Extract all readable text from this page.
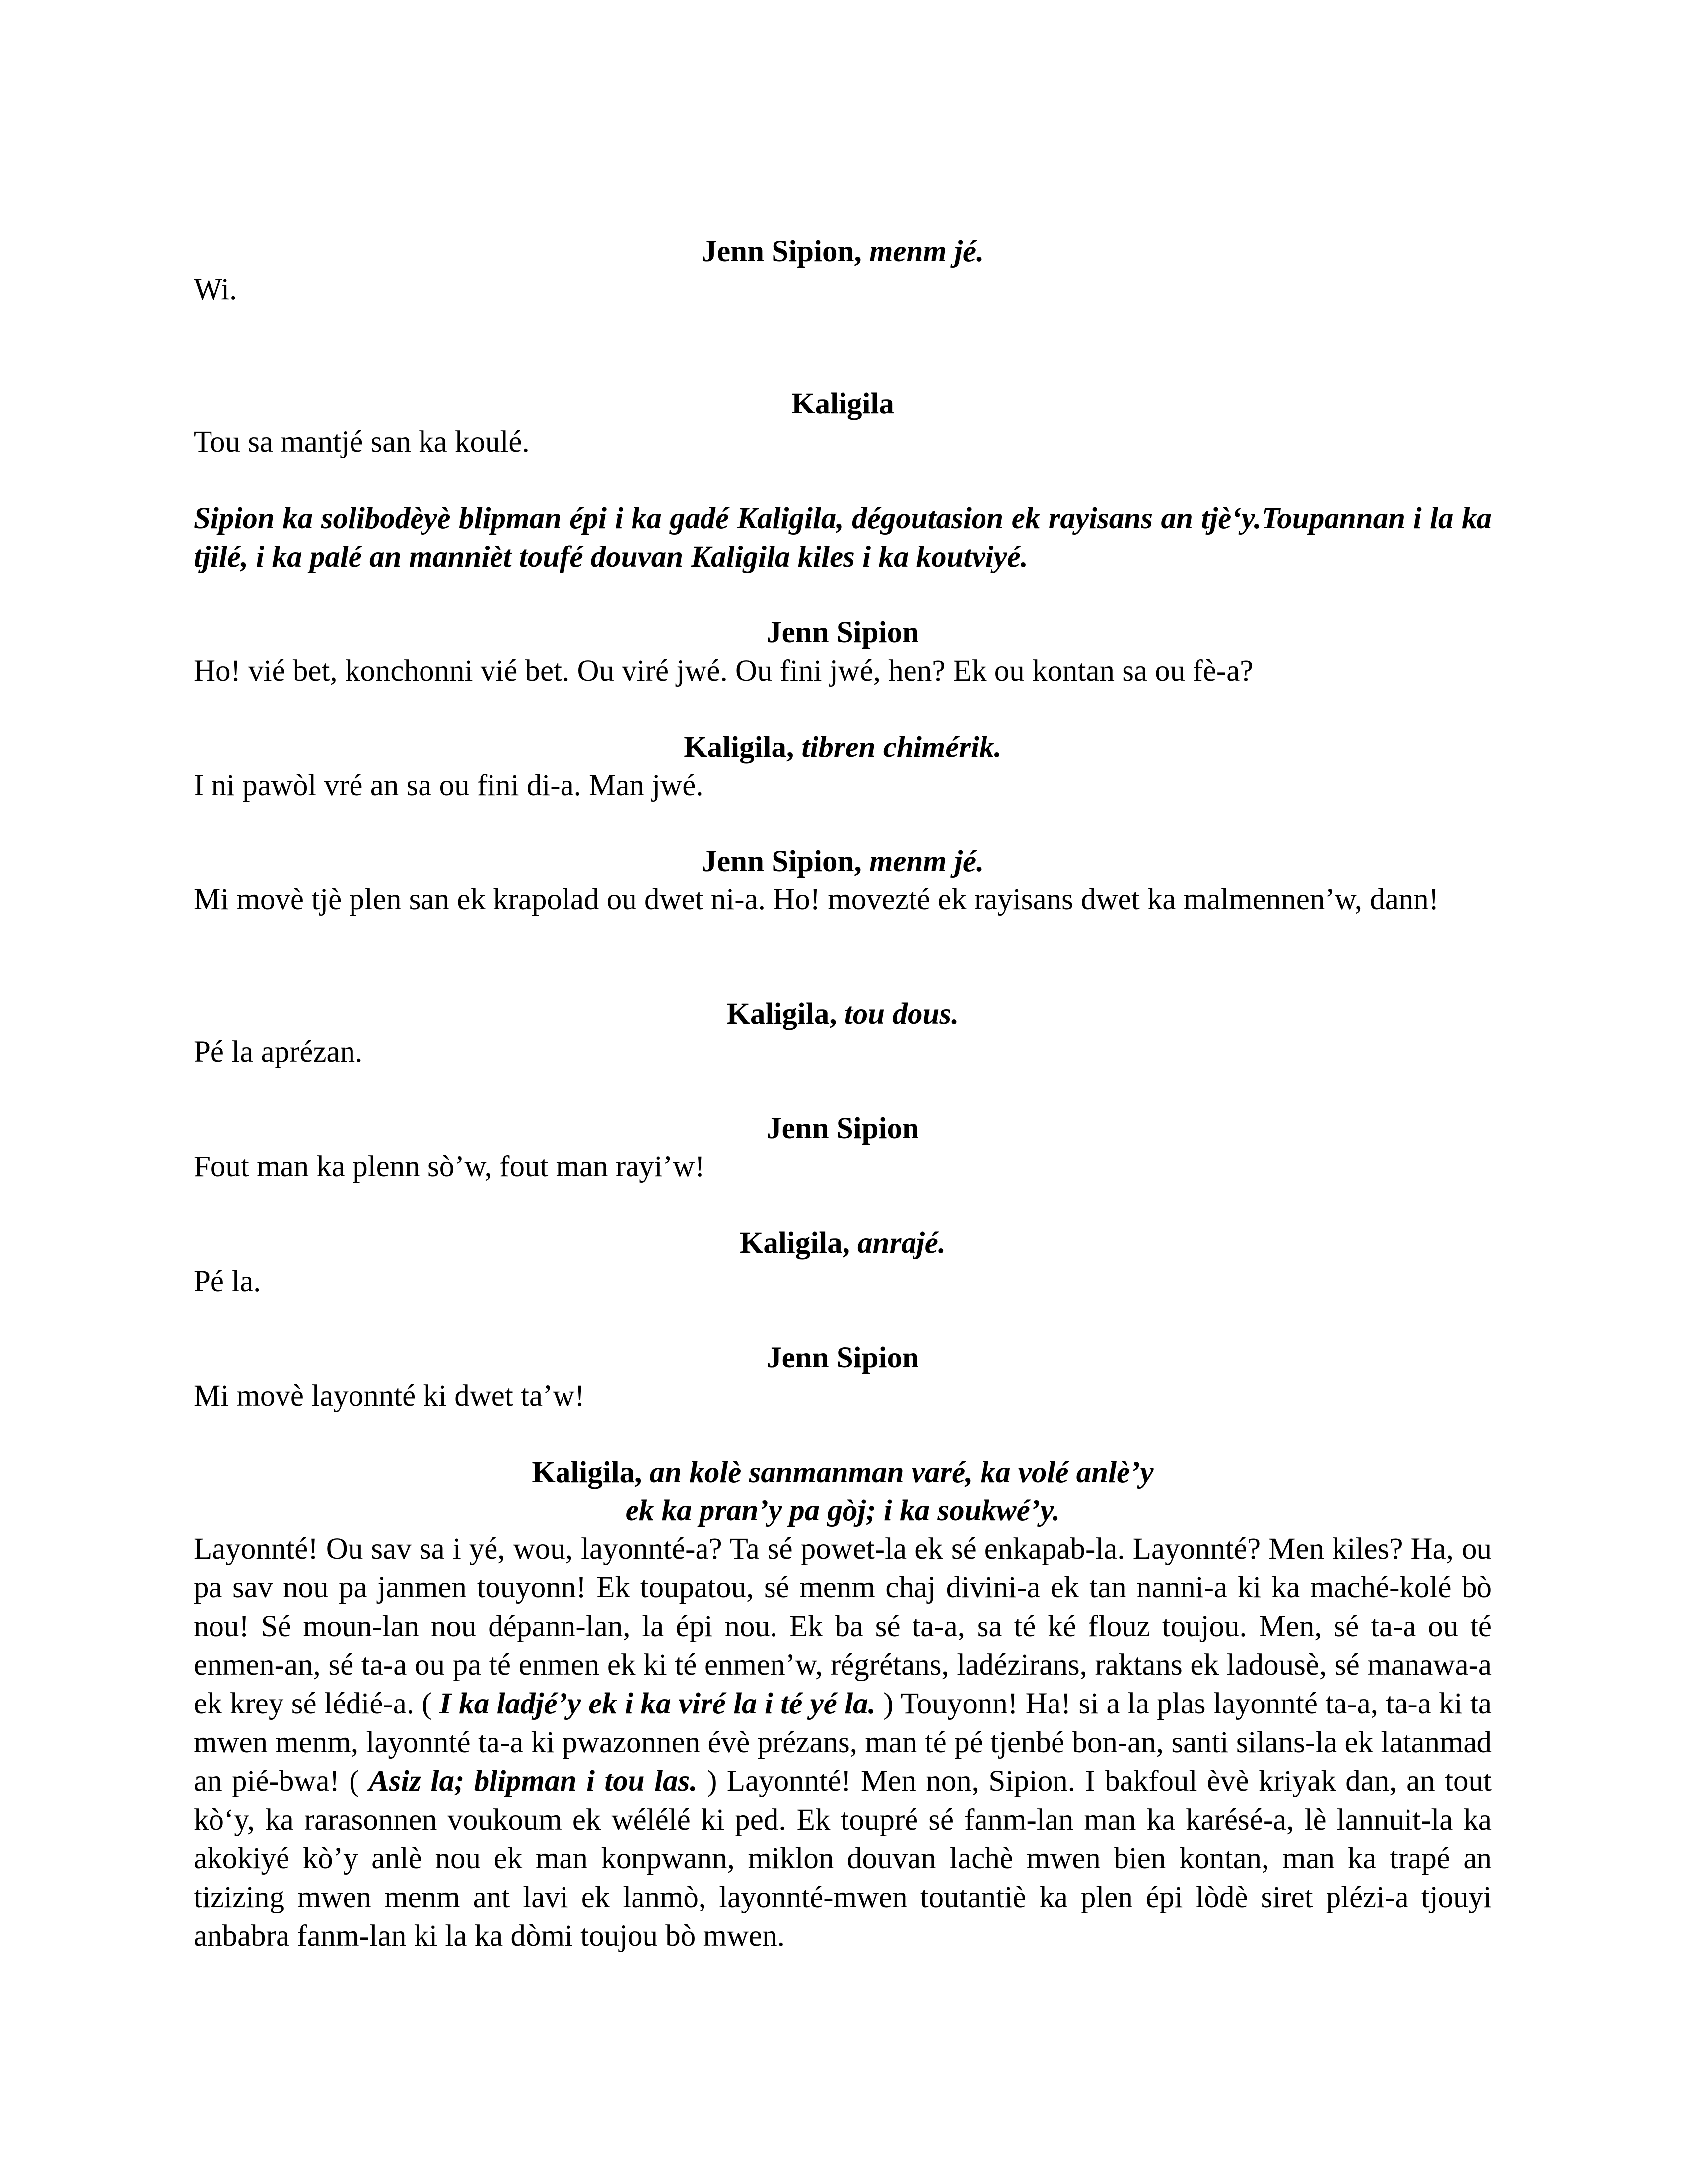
Jenn Sipion, menm jé.
Wi.
Kaligila
Tou sa mantjé san ka koulé.
Sipion ka solibodèyè blipman épi i ka gadé Kaligila, dégoutasion ek rayisans an tjè‘y.Toupannan i la ka tjilé, i ka palé an mannièt toufé douvan Kaligila kiles i ka koutviyé.
Jenn Sipion
Ho! vié bet, konchonni vié bet. Ou viré jwé. Ou fini jwé, hen? Ek ou kontan sa ou fè-a?
Kaligila, tibren chimérik.
I ni pawòl vré an sa ou fini di-a. Man jwé.
Jenn Sipion, menm jé.
Mi movè tjè plen san ek krapolad ou dwet ni-a. Ho! movezté ek rayisans dwet ka malmennen’w, dann!
Kaligila, tou dous.
Pé la aprézan.
Jenn Sipion
Fout man ka plenn sò’w, fout man rayi’w!
Kaligila, anrajé.
Pé la.
Jenn Sipion
Mi movè layonnté ki dwet ta’w!
Kaligila, an kolè sanmanman varé, ka volé anlè’y
ek ka pran’y pa gòj; i ka soukwé’y.
Layonnté! Ou sav sa i yé, wou, layonnté-a? Ta sé powet-la ek sé enkapab-la. Layonnté? Men kiles? Ha, ou pa sav nou pa janmen touyonn! Ek toupatou, sé menm chaj divini-a ek tan nanni-a ki ka maché-kolé bò nou! Sé moun-lan nou dépann-lan, la épi nou. Ek ba sé ta-a, sa té ké flouz toujou. Men, sé ta-a ou té enmen-an, sé ta-a ou pa té enmen ek ki té enmen’w, régrétans, ladézirans, raktans ek ladousè, sé manawa-a ek krey sé lédié-a. ( I ka ladjé’y ek i ka viré la i té yé la. ) Touyonn! Ha! si a la plas layonnté ta-a, ta-a ki ta mwen menm, layonnté ta-a ki pwazonnen évè prézans, man té pé tjenbé bon-an, santi silans-la ek latanmad an pié-bwa! ( Asiz la; blipman i tou las. ) Layonnté! Men non, Sipion. I bakfoul èvè kriyak dan, an tout kò‘y, ka rarasonnen voukoum ek wélélé ki ped. Ek toupré sé fanm-lan man ka karésé-a, lè lannuit-la ka akokiyé kò’y anlè nou ek man konpwann, miklon douvan lachè mwen bien kontan, man ka trapé an tizizing mwen menm ant lavi ek lanmò, layonnté-mwen toutantiè ka plen épi lòdè siret plézi-a tjouyi anbabra fanm-lan ki la ka dòmi toujou bò mwen.
